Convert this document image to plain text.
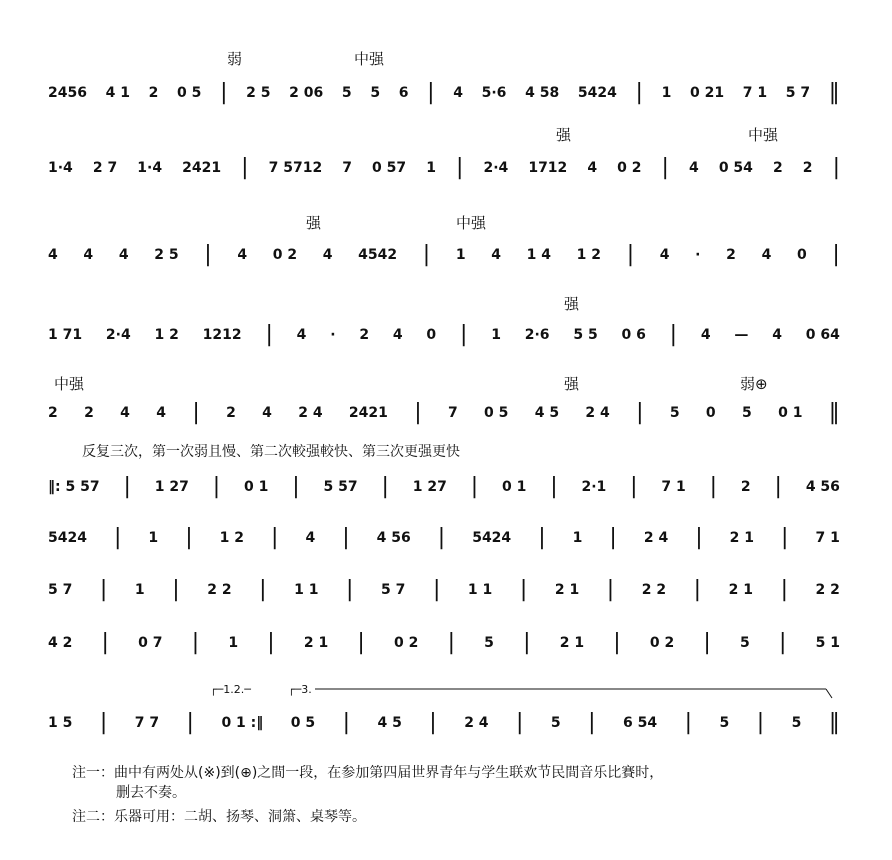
弱	中强
强	中强
强	中强
强
中强	强	弱⊕
2456 4 1 2 0 5 | 2 5 2 06 5 5 6 | 4 5·6 4 58 5424 | 1 0 21 7 1 5 7 ‖
1·4 2 7 1·4 2421 | 7 5712 7 0 57 1 | 2·4 1712 4 0 2 | 4 0 54 2 2 |
4 4 4 2 5 | 4 0 2 4 4542 | 1 4 1 4 1 2 | 4 · 2 4 0 |
1 71 2·4 1 2 1212 | 4 · 2 4 0 | 1 2·6 5 5 0 6 | 4 — 4 0 64
2 2 4 4 | 2 4 2 4 2421 | 7 0 5 4 5 2 4 | 5 0 5 0 1 ‖
‖: 5 57 | 1 27 | 0 1 | 5 57 | 1 27 | 0 1 | 2·1 | 7 1 | 2 | 4 56
5424 | 1 | 1 2 | 4 | 4 56 | 5424 | 1 | 2 4 | 2 1 | 7 1
5 7 | 1 | 2 2 | 1 1 | 5 7 | 1 1 | 2 1 | 2 2 | 2 1 | 2 2
4 2 | 0 7 | 1 | 2 1 | 0 2 | 5 | 2 1 | 0 2 | 5 | 5 1
1 5 | 7 7 | 0 1 :‖ 0 5 | 4 5 | 2 4 | 5 | 6 54 | 5 | 5 ‖
反复三次，第一次弱且慢、第二次較强較快、第三次更强更快
┌─1.2.─	┌─3.
注一：曲中有两处从(※)到(⊕)之間一段，在参加第四届世界青年与学生联欢节民間音乐比賽时，
删去不奏。
注二：乐器可用：二胡、扬琴、洞箫、桌琴等。
